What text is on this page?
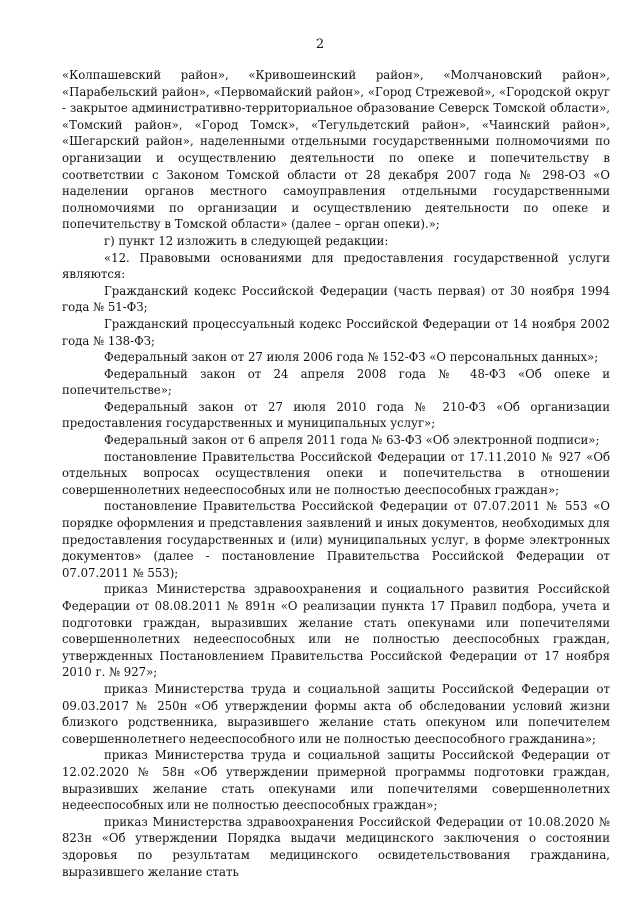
2

«Колпашевский район», «Кривошеинский район», «Молчановский район», «Парабельский район», «Первомайский район», «Город Стрежевой», «Городской округ - закрытое административно-территориальное образование Северск Томской области», «Томский район», «Город Томск», «Тегульдетский район», «Чаинский район», «Шегарский район», наделенными отдельными государственными полномочиями по организации и осуществлению деятельности по опеке и попечительству в соответствии с Законом Томской области от 28 декабря 2007 года № 298-ОЗ «О наделении органов местного самоуправления отдельными государственными полномочиями по организации и осуществлению деятельности по опеке и попечительству в Томской области» (далее – орган опеки).»;

г) пункт 12 изложить в следующей редакции:

«12. Правовыми основаниями для предоставления государственной услуги являются:

Гражданский кодекс Российской Федерации (часть первая) от 30 ноября 1994 года № 51-ФЗ;

Гражданский процессуальный кодекс Российской Федерации от 14 ноября 2002 года № 138-ФЗ;

Федеральный закон от 27 июля 2006 года № 152-ФЗ «О персональных данных»;

Федеральный закон от 24 апреля 2008 года № 48-ФЗ «Об опеке и попечительстве»;

Федеральный закон от 27 июля 2010 года № 210-ФЗ «Об организации предоставления государственных и муниципальных услуг»;

Федеральный закон от 6 апреля 2011 года № 63-ФЗ «Об электронной подписи»;

постановление Правительства Российской Федерации от 17.11.2010 № 927 «Об отдельных вопросах осуществления опеки и попечительства в отношении совершеннолетних недееспособных или не полностью дееспособных граждан»;

постановление Правительства Российской Федерации от 07.07.2011 № 553 «О порядке оформления и представления заявлений и иных документов, необходимых для предоставления государственных и (или) муниципальных услуг, в форме электронных документов» (далее - постановление Правительства Российской Федерации от 07.07.2011 № 553);

приказ Министерства здравоохранения и социального развития Российской Федерации от 08.08.2011 № 891н «О реализации пункта 17 Правил подбора, учета и подготовки граждан, выразивших желание стать опекунами или попечителями совершеннолетних недееспособных или не полностью дееспособных граждан, утвержденных Постановлением Правительства Российской Федерации от 17 ноября 2010 г. № 927»;

приказ Министерства труда и социальной защиты Российской Федерации от 09.03.2017 № 250н «Об утверждении формы акта об обследовании условий жизни близкого родственника, выразившего желание стать опекуном или попечителем совершеннолетнего недееспособного или не полностью дееспособного гражданина»;

приказ Министерства труда и социальной защиты Российской Федерации от 12.02.2020 № 58н «Об утверждении примерной программы подготовки граждан, выразивших желание стать опекунами или попечителями совершеннолетних недееспособных или не полностью дееспособных граждан»;

приказ Министерства здравоохранения Российской Федерации от 10.08.2020 № 823н «Об утверждении Порядка выдачи медицинского заключения о состоянии здоровья по результатам медицинского освидетельствования гражданина, выразившего желание стать
